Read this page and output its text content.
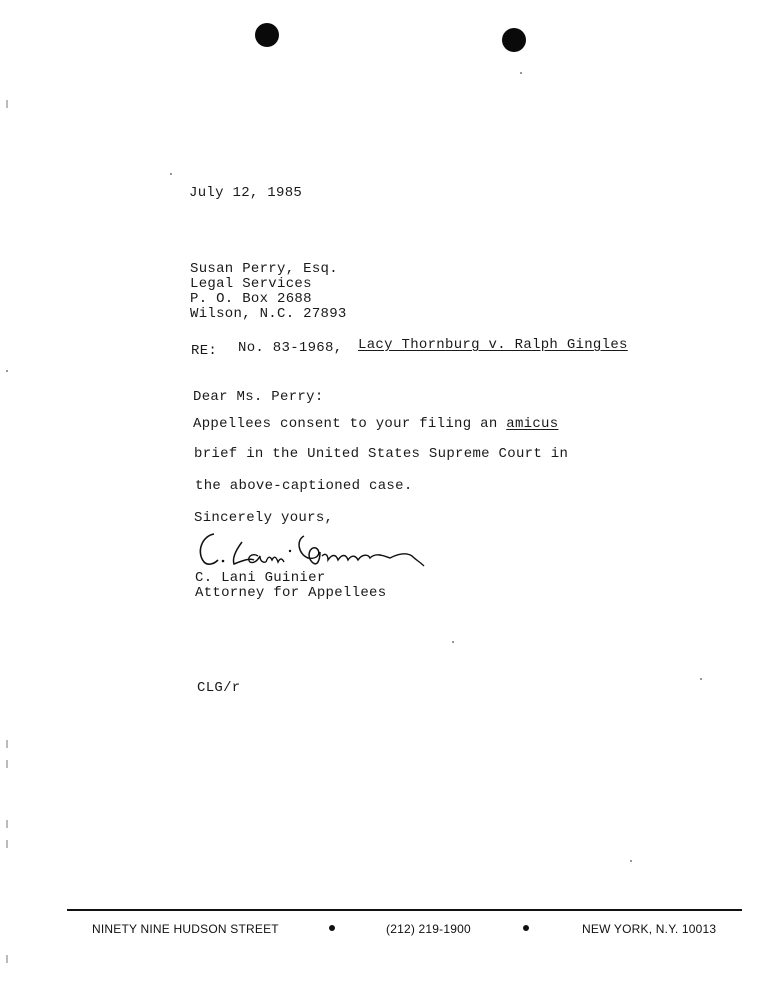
July 12, 1985
Susan Perry, Esq.
Legal Services
P. O. Box 2688
Wilson, N.C. 27893
RE: No. 83-1968, Lacy Thornburg v. Ralph Gingles
Dear Ms. Perry:
Appellees consent to your filing an amicus
brief in the United States Supreme Court in
the above-captioned case.
Sincerely yours,
C. Lani Guinier
Attorney for Appellees
CLG/r
NINETY NINE HUDSON STREET	(212) 219-1900	NEW YORK, N.Y. 10013
